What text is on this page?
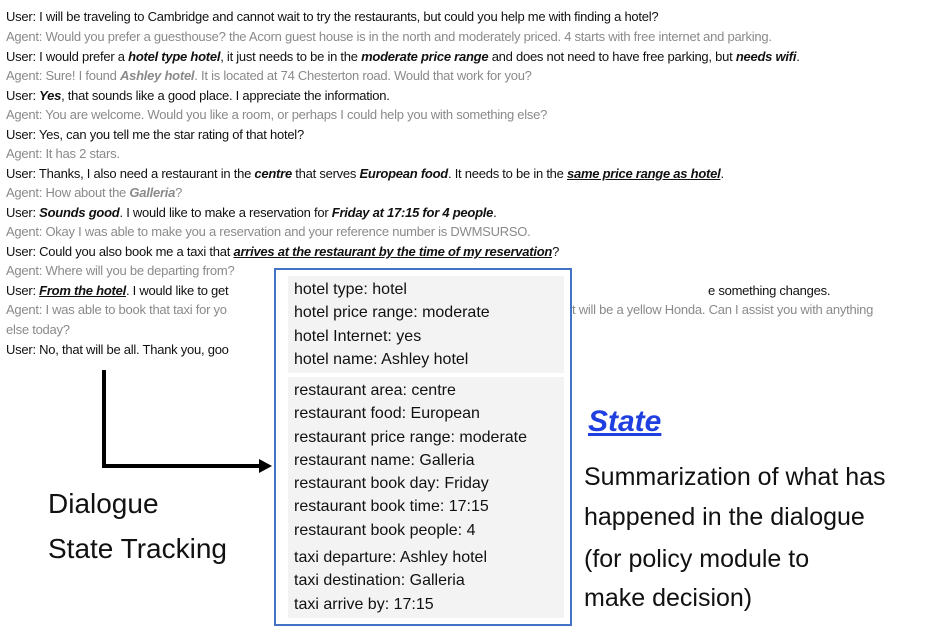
User: I will be traveling to Cambridge and cannot wait to try the restaurants, but could you help me with finding a hotel?
Agent: Would you prefer a guesthouse? the Acorn guest house is in the north and moderately priced. 4 starts with free internet and parking.
User: I would prefer a hotel type hotel, it just needs to be in the moderate price range and does not need to have free parking, but needs wifi.
Agent: Sure! I found Ashley hotel. It is located at 74 Chesterton road. Would that work for you?
User: Yes, that sounds like a good place. I appreciate the information.
Agent: You are welcome. Would you like a room, or perhaps I could help you with something else?
User: Yes, can you tell me the star rating of that hotel?
Agent: It has 2 stars.
User: Thanks, I also need a restaurant in the centre that serves European food. It needs to be in the same price range as hotel.
Agent: How about the Galleria?
User: Sounds good. I would like to make a reservation for Friday at 17:15 for 4 people.
Agent: Okay I was able to make you a reservation and your reference number is DWMSURSO.
User: Could you also book me a taxi that arrives at the restaurant by the time of my reservation?
Agent: Where will you be departing from?
User: From the hotel. I would like to get	e something changes.
Agent: I was able to book that taxi for yo	t will be a yellow Honda. Can I assist you with anything
else today?
User: No, that will be all. Thank you, goo
hotel type: hotel
hotel price range: moderate
hotel Internet: yes
hotel name: Ashley hotel
restaurant area: centre
restaurant food: European
restaurant price range: moderate
restaurant name: Galleria
restaurant book day: Friday
restaurant book time: 17:15
restaurant book people: 4
taxi departure: Ashley hotel
taxi destination: Galleria
taxi arrive by: 17:15
Dialogue
State Tracking
State
Summarization of what has
happened in the dialogue
(for policy module to
make decision)
